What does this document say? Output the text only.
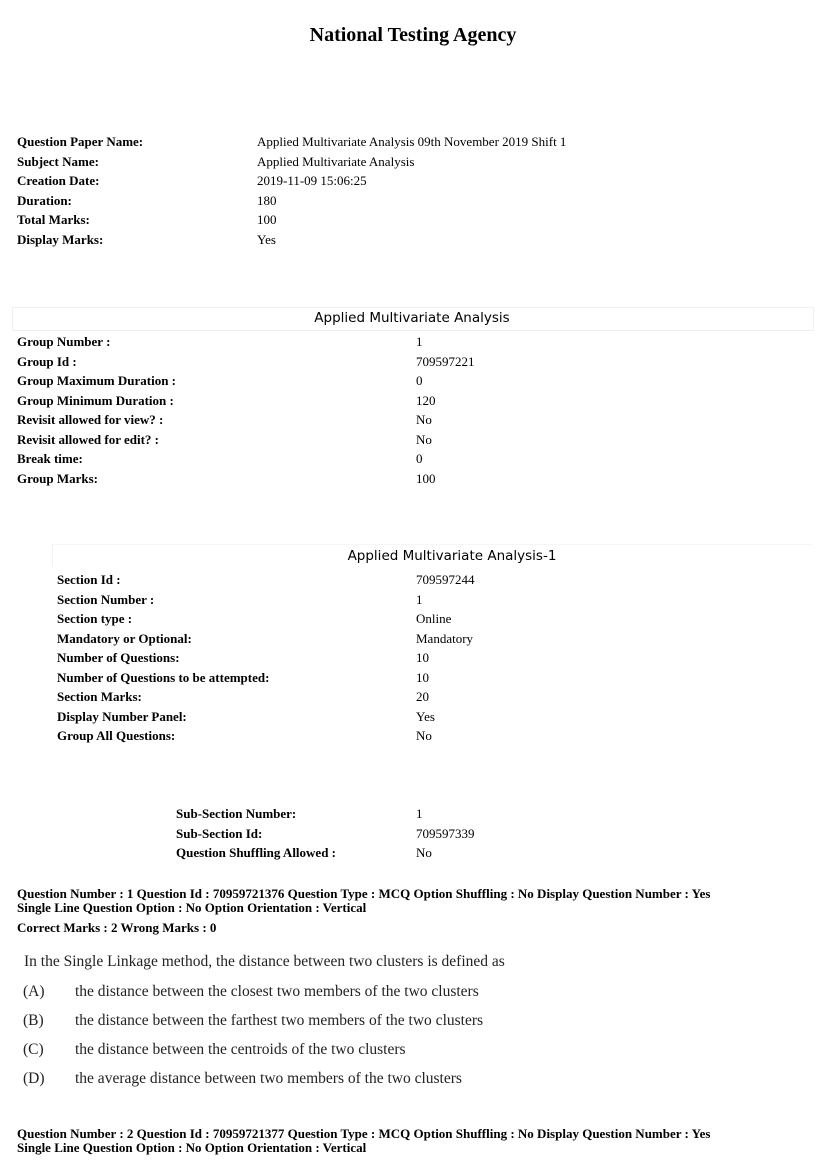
National Testing Agency
Question Paper Name:	Applied Multivariate Analysis 09th November 2019 Shift 1
Subject Name:	Applied Multivariate Analysis
Creation Date:	2019-11-09 15:06:25
Duration:	180
Total Marks:	100
Display Marks:	Yes
Applied Multivariate Analysis
Group Number :	1
Group Id :	709597221
Group Maximum Duration :	0
Group Minimum Duration :	120
Revisit allowed for view? :	No
Revisit allowed for edit? :	No
Break time:	0
Group Marks:	100
Applied Multivariate Analysis-1
Section Id :	709597244
Section Number :	1
Section type :	Online
Mandatory or Optional:	Mandatory
Number of Questions:	10
Number of Questions to be attempted:	10
Section Marks:	20
Display Number Panel:	Yes
Group All Questions:	No
Sub-Section Number:	1
Sub-Section Id:	709597339
Question Shuffling Allowed :	No
Question Number : 1 Question Id : 70959721376 Question Type : MCQ Option Shuffling : No Display Question Number : Yes
Single Line Question Option : No Option Orientation : Vertical
Correct Marks : 2 Wrong Marks : 0
In the Single Linkage method, the distance between two clusters is defined as
(A)	the distance between the closest two members of the two clusters
(B)	the distance between the farthest two members of the two clusters
(C)	the distance between the centroids of the two clusters
(D)	the average distance between two members of the two clusters
Question Number : 2 Question Id : 70959721377 Question Type : MCQ Option Shuffling : No Display Question Number : Yes
Single Line Question Option : No Option Orientation : Vertical
